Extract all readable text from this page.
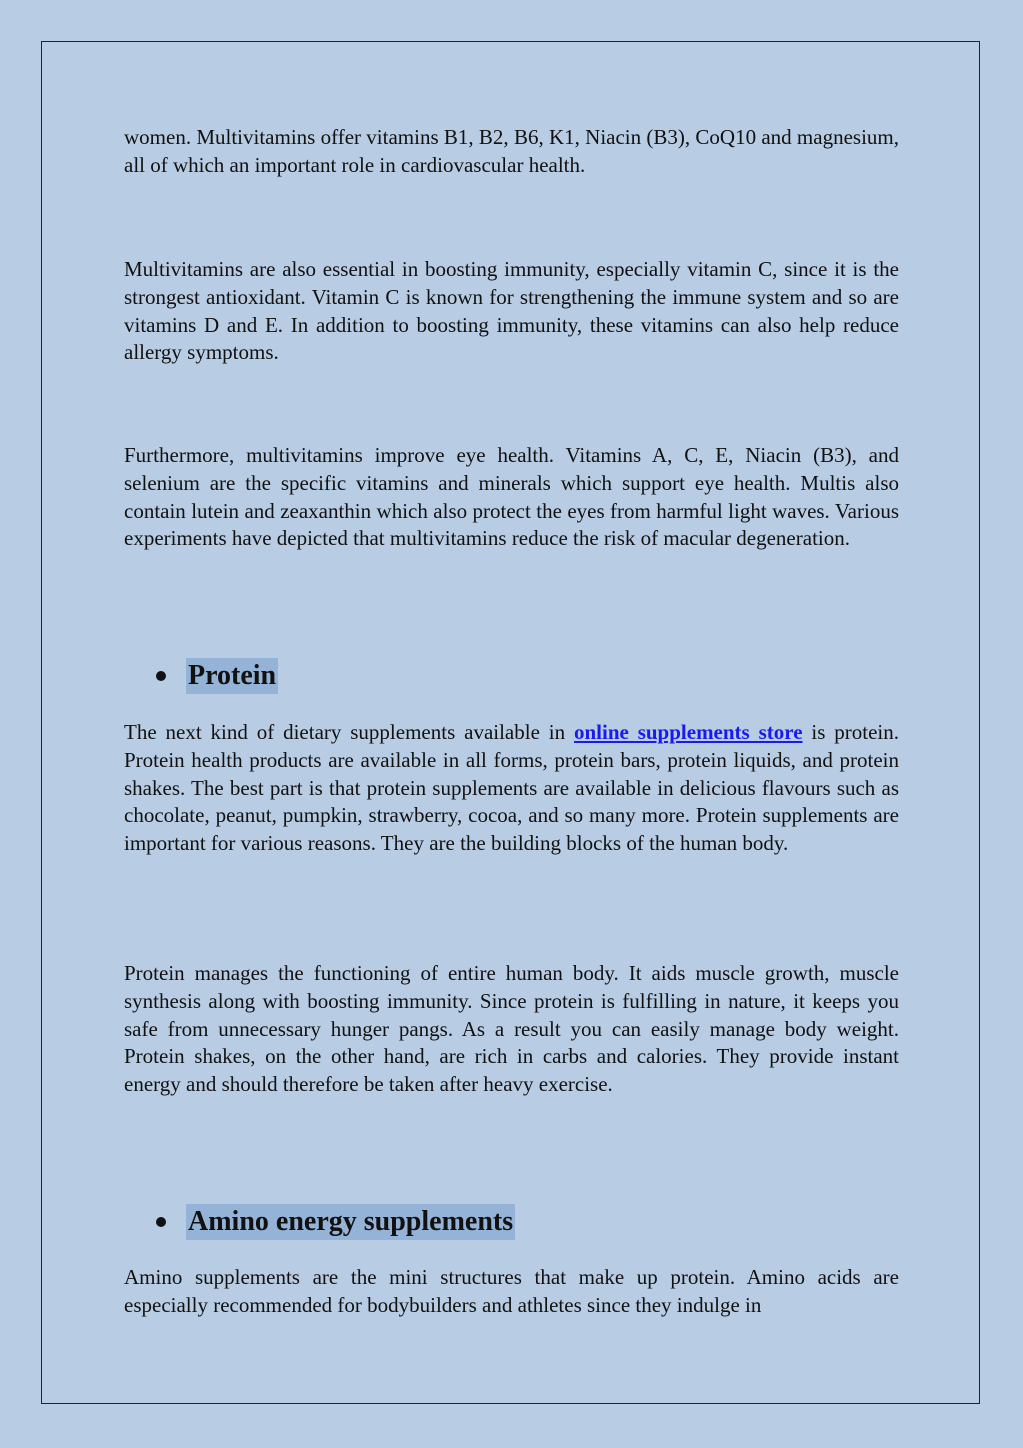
women. Multivitamins offer vitamins B1, B2, B6, K1, Niacin (B3), CoQ10 and magnesium, all of which an important role in cardiovascular health.

Multivitamins are also essential in boosting immunity, especially vitamin C, since it is the strongest antioxidant. Vitamin C is known for strengthening the immune system and so are vitamins D and E. In addition to boosting immunity, these vitamins can also help reduce allergy symptoms.

Furthermore, multivitamins improve eye health. Vitamins A, C, E, Niacin (B3), and selenium are the specific vitamins and minerals which support eye health. Multis also contain lutein and zeaxanthin which also protect the eyes from harmful light waves. Various experiments have depicted that multivitamins reduce the risk of macular degeneration.

Protein

The next kind of dietary supplements available in online supplements store is protein. Protein health products are available in all forms, protein bars, protein liquids, and protein shakes. The best part is that protein supplements are available in delicious flavours such as chocolate, peanut, pumpkin, strawberry, cocoa, and so many more. Protein supplements are important for various reasons. They are the building blocks of the human body.

Protein manages the functioning of entire human body. It aids muscle growth, muscle synthesis along with boosting immunity. Since protein is fulfilling in nature, it keeps you safe from unnecessary hunger pangs. As a result you can easily manage body weight. Protein shakes, on the other hand, are rich in carbs and calories. They provide instant energy and should therefore be taken after heavy exercise.

Amino energy supplements

Amino supplements are the mini structures that make up protein. Amino acids are especially recommended for bodybuilders and athletes since they indulge in
